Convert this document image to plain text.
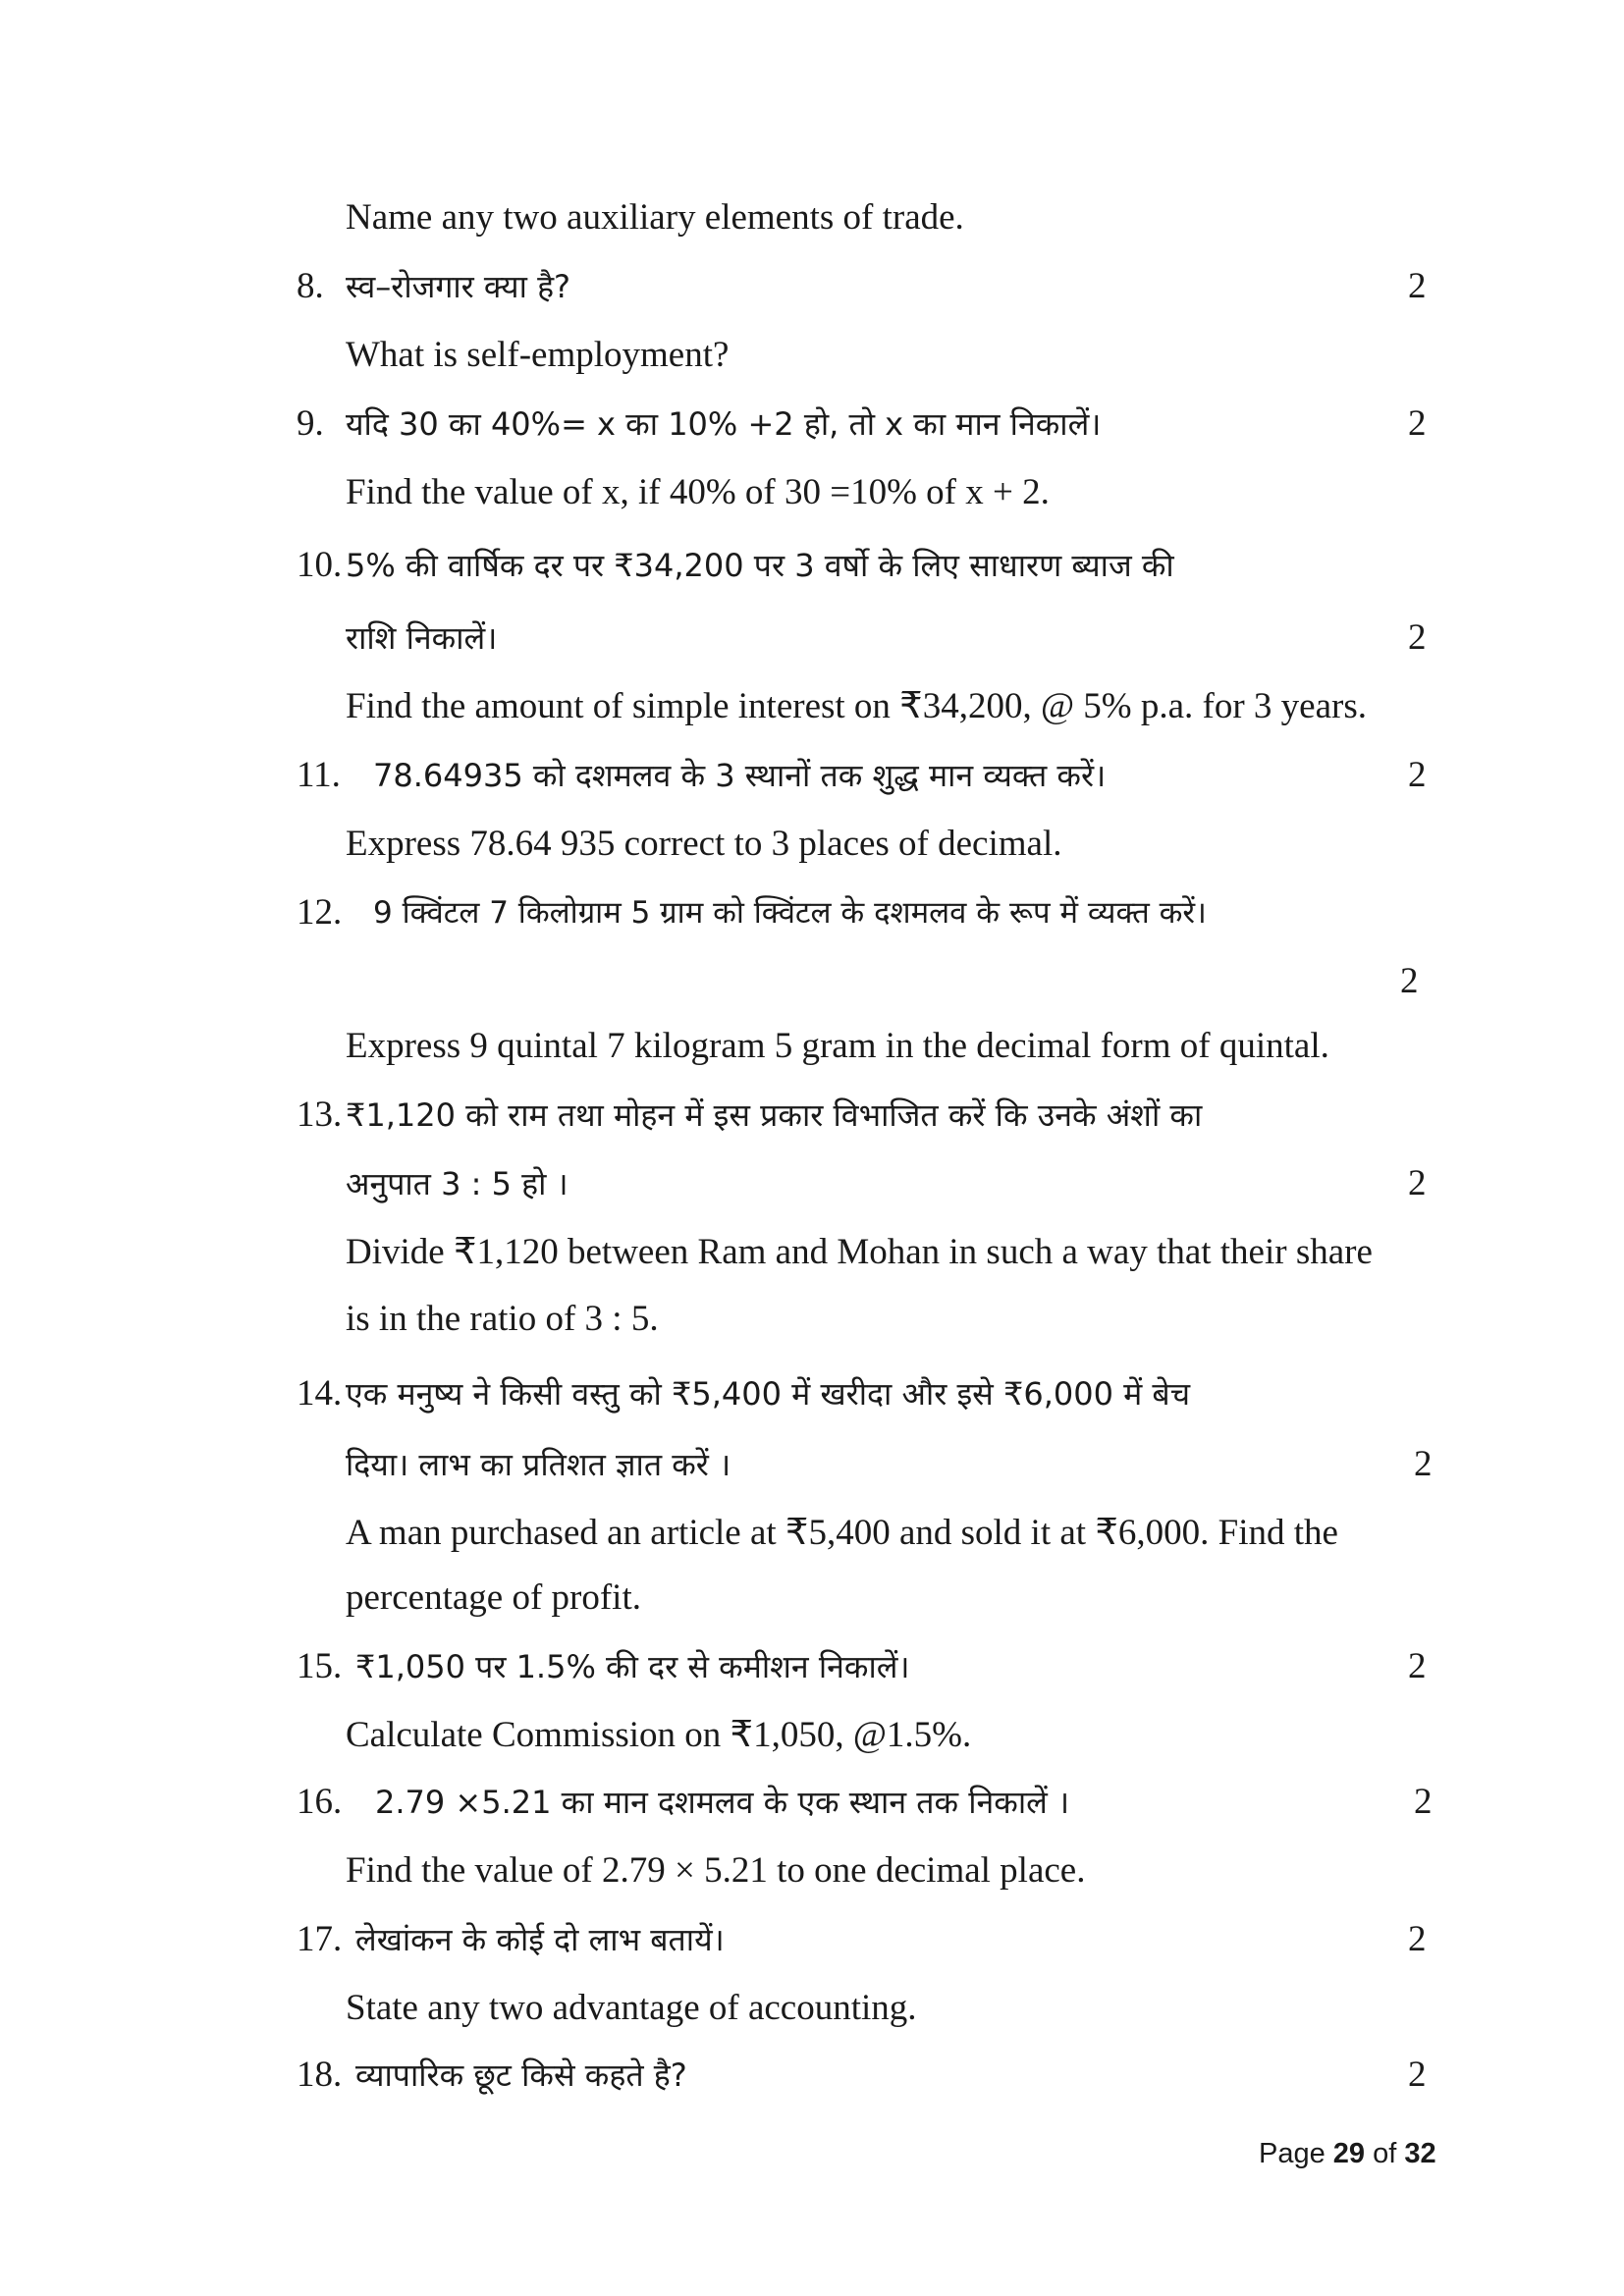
Name any two auxiliary elements of trade.
8. स्व–रोजगार क्या है?	2
What is self-employment?
9. यदि 30 का 40%= x का 10% +2 हो, तो x का मान निकालें।	2
Find the value of x, if 40% of 30 =10% of x + 2.
10. 5% की वार्षिक दर पर ₹34,200 पर 3 वर्षो के लिए साधारण ब्याज की
राशि निकालें।	2
Find the amount of simple interest on ₹34,200, @ 5% p.a. for 3 years.
11. 78.64935 को दशमलव के 3 स्थानों तक शुद्ध मान व्यक्त करें।	2
Express 78.64 935 correct to 3 places of decimal.
12. 9 क्विंटल 7 किलोग्राम 5 ग्राम को क्विंटल के दशमलव के रूप में व्यक्त करें।
2
Express 9 quintal 7 kilogram 5 gram in the decimal form of quintal.
13. ₹1,120 को राम तथा मोहन में इस प्रकार विभाजित करें कि उनके अंशों का
अनुपात 3 : 5 हो ।	2
Divide ₹1,120 between Ram and Mohan in such a way that their share
is in the ratio of 3 : 5.
14. एक मनुष्य ने किसी वस्तु को ₹5,400 में खरीदा और इसे ₹6,000 में बेच
दिया। लाभ का प्रतिशत ज्ञात करें ।	2
A man purchased an article at ₹5,400 and sold it at ₹6,000. Find the
percentage of profit.
15. ₹1,050 पर 1.5% की दर से कमीशन निकालें।	2
Calculate Commission on ₹1,050, @1.5%.
16. 2.79 ×5.21 का मान दशमलव के एक स्थान तक निकालें ।	2
Find the value of 2.79 × 5.21 to one decimal place.
17. लेखांकन के कोई दो लाभ बतायें।	2
State any two advantage of accounting.
18. व्यापारिक छूट किसे कहते है?	2
Page 29 of 32
